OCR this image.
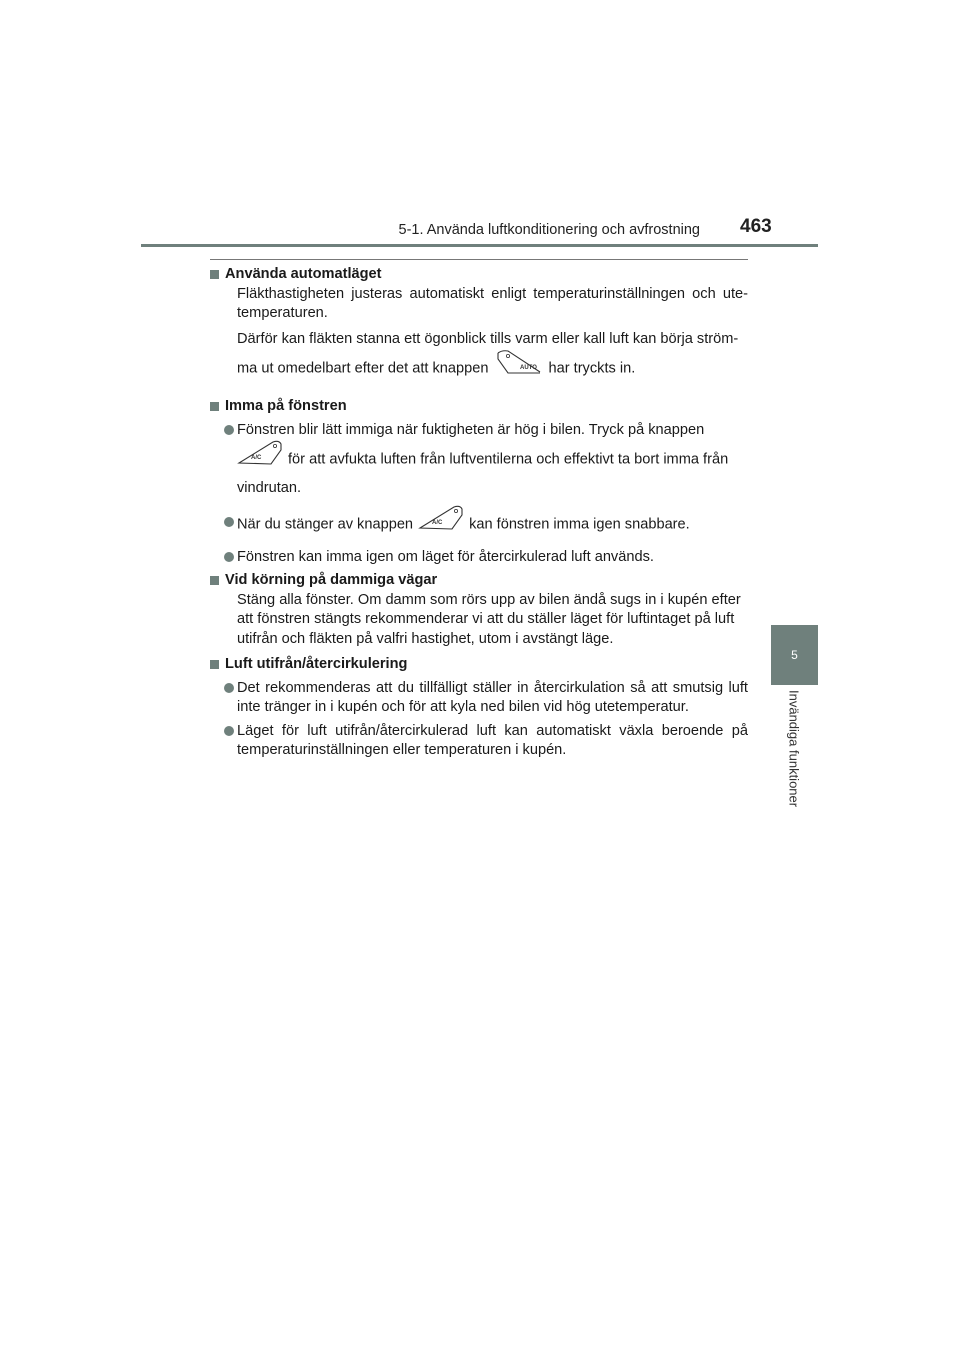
5-1. Använda luftkonditionering och avfrostning 463
5
Invändiga funktioner
Använda automatläget
Fläkthastigheten justeras automatiskt enligt temperaturinställningen och ute-temperaturen.
Därför kan fläkten stanna ett ögonblick tills varm eller kall luft kan börja ström-
ma ut omedelbart efter det att knappen	AUTO har tryckts in.
Imma på fönstren
Fönstren blir lätt immiga när fuktigheten är hög i bilen. Tryck på knappen
A/C för att avfukta luften från luftventilerna och effektivt ta bort imma från
vindrutan.
När du stänger av knappen	A/C kan fönstren imma igen snabbare.
Fönstren kan imma igen om läget för återcirkulerad luft används.
Vid körning på dammiga vägar
Stäng alla fönster. Om damm som rörs upp av bilen ändå sugs in i kupén efter att fönstren stängts rekommenderar vi att du ställer läget för luftintaget på luft utifrån och fläkten på valfri hastighet, utom i avstängt läge.
Luft utifrån/återcirkulering
Det rekommenderas att du tillfälligt ställer in återcirkulation så att smutsig luft inte tränger in i kupén och för att kyla ned bilen vid hög utetemperatur.
Läget för luft utifrån/återcirkulerad luft kan automatiskt växla beroende på temperaturinställningen eller temperaturen i kupén.
